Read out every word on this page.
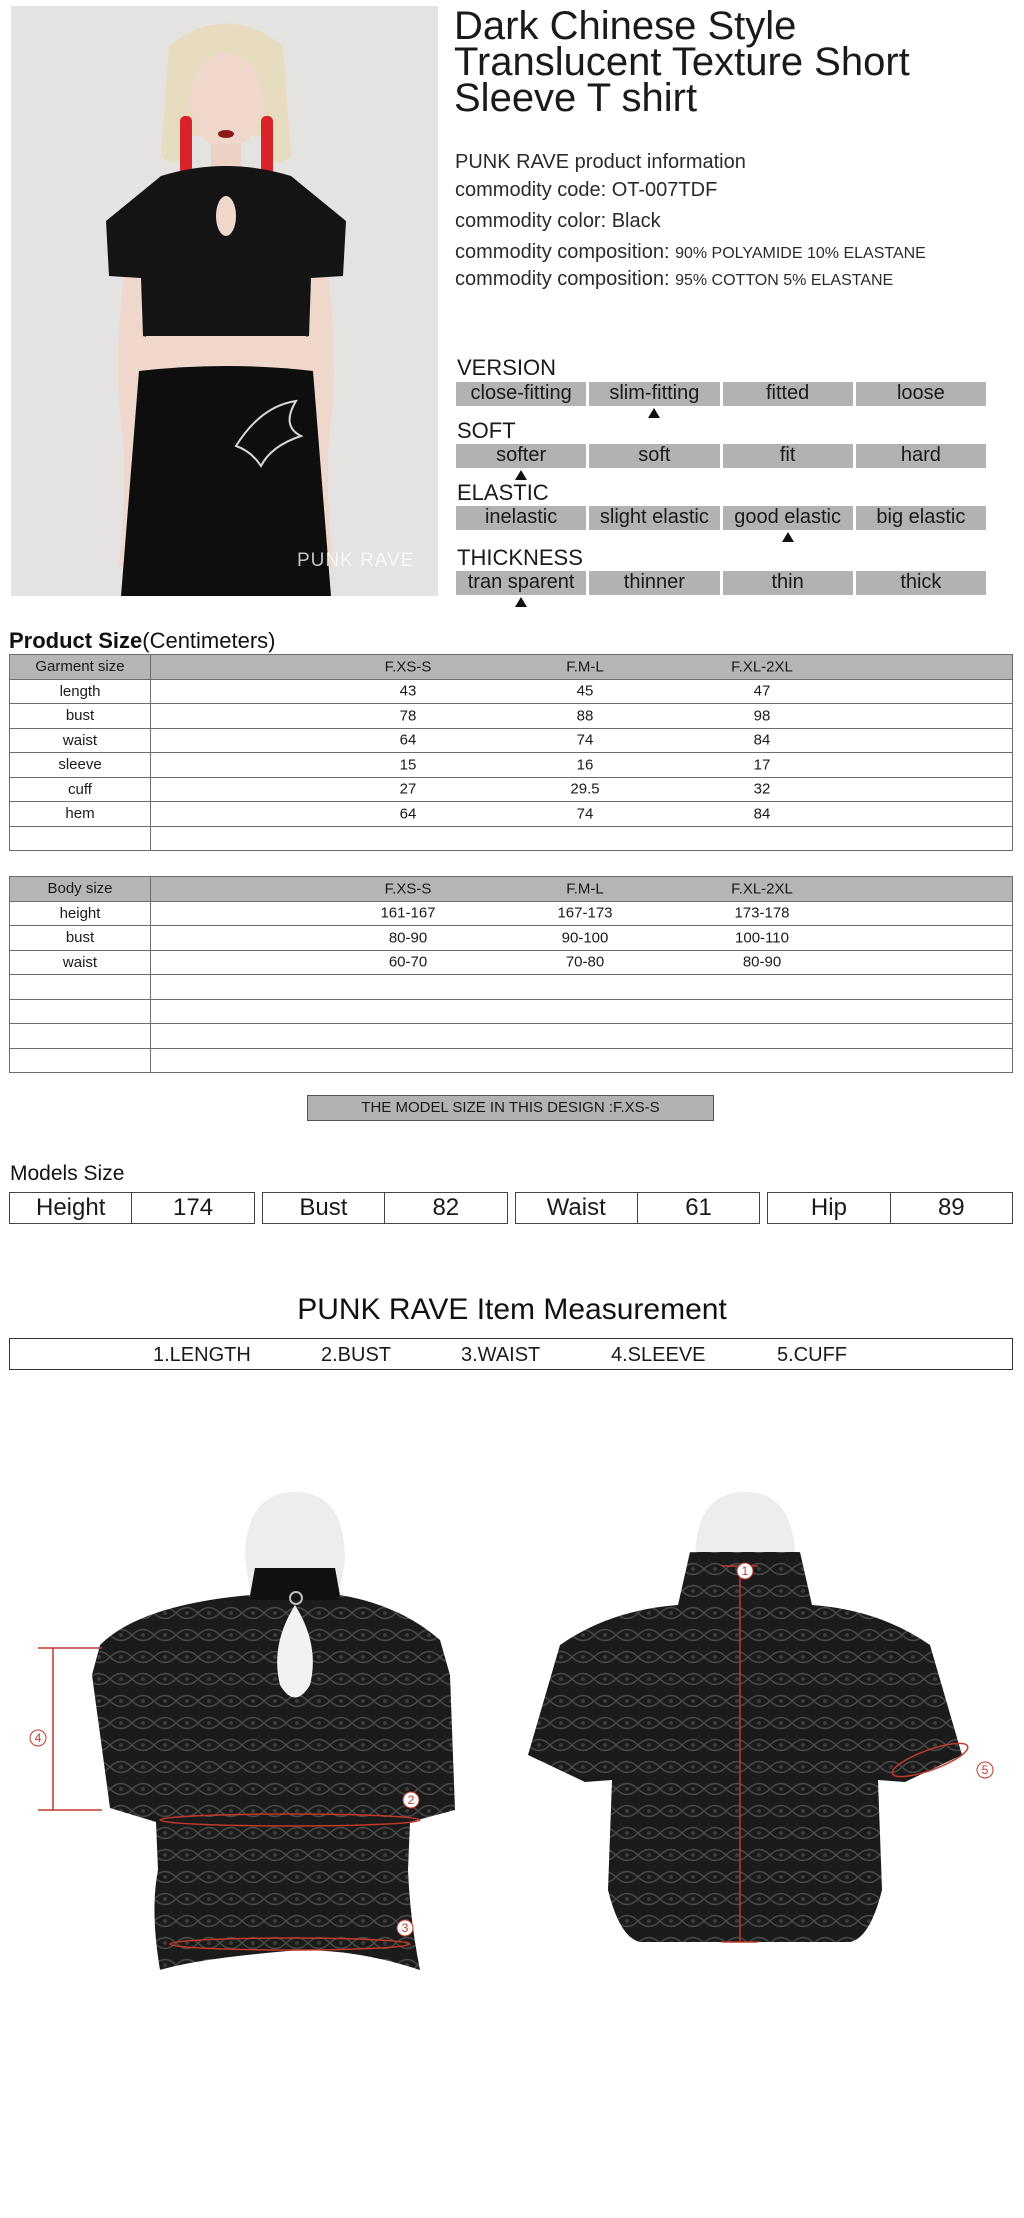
PUNK RAVE
Dark Chinese Style Translucent Texture Short Sleeve T shirt
PUNK RAVE product information
commodity code: OT-007TDF
commodity color: Black
commodity composition: 90% POLYAMIDE 10% ELASTANE
commodity composition: 95% COTTON 5% ELASTANE
VERSION
close-fitting	slim-fitting	fitted	loose
SOFT
softer	soft	fit	hard
ELASTIC
inelastic	slight elastic	good elastic	big elastic
THICKNESS
tran sparent	thinner	thin	thick
Product Size(Centimeters)
Garment size	F.XS-S F.M-L F.XL-2XL

length	43 45 47

bust	78 88 98

waist	64 74 84

sleeve	15 16 17

cuff	27 29.5 32

hem	64 74 84

Body size	F.XS-S F.M-L F.XL-2XL

height	161-167 167-173 173-178

bust	80-90 90-100 100-110

waist	60-70 70-80 80-90

THE MODEL SIZE IN THIS DESIGN :F.XS-S
Models Size
Height	174	Bust	82	Waist	61	Hip	89
PUNK RAVE Item Measurement
1.LENGTH	2.BUST	3.WAIST	4.SLEEVE	5.CUFF
1
2
3
4
5
